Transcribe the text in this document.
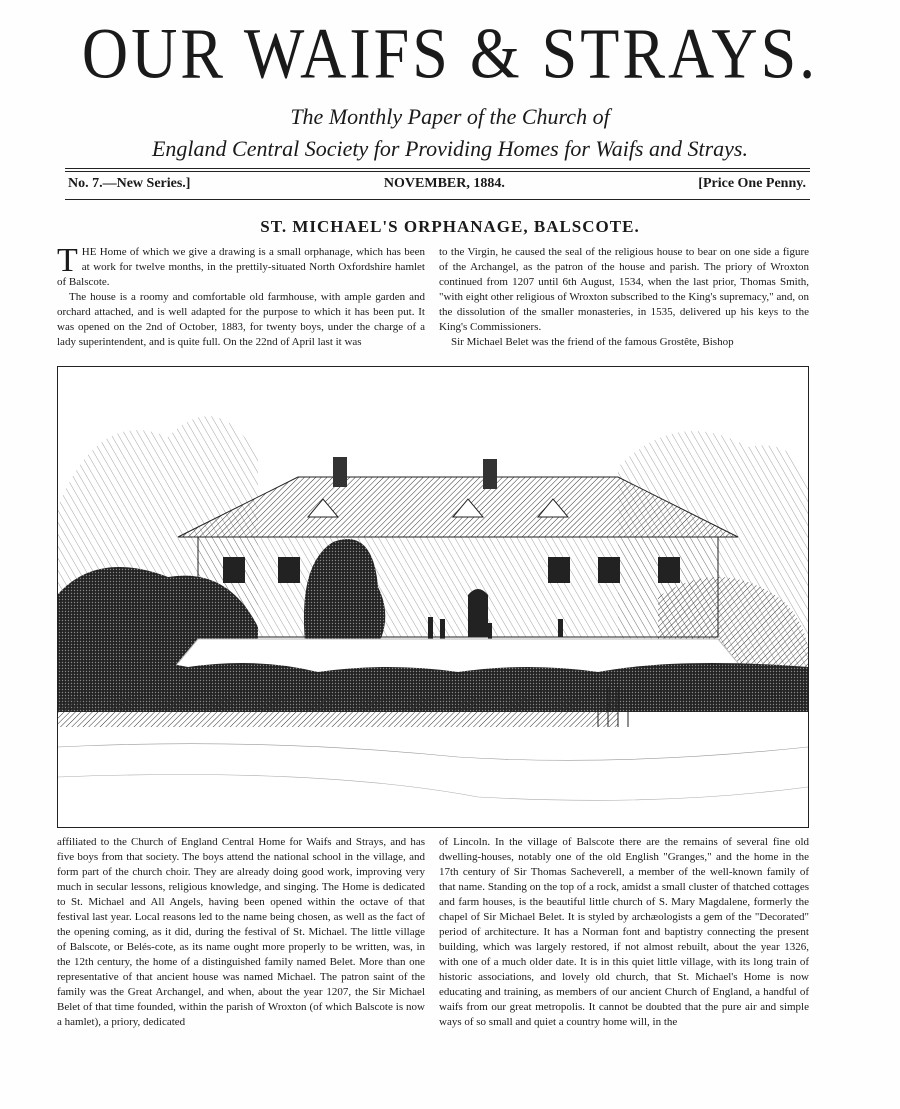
OUR WAIFS & STRAYS.
The Monthly Paper of the Church of
England Central Society for Providing Homes for Waifs and Strays.
No. 7.—New Series.]	NOVEMBER, 1884.	[Price One Penny.
ST. MICHAEL'S ORPHANAGE, BALSCOTE.

THE Home of which we give a drawing is a small orphanage, which has been at work for twelve months, in the prettily-situated North Oxfordshire hamlet of Balscote.

The house is a roomy and comfortable old farmhouse, with ample garden and orchard attached, and is well adapted for the purpose to which it has been put. It was opened on the 2nd of October, 1883, for twenty boys, under the charge of a lady superintendent, and is quite full. On the 22nd of April last it was

to the Virgin, he caused the seal of the religious house to bear on one side a figure of the Archangel, as the patron of the house and parish. The priory of Wroxton continued from 1207 until 6th August, 1534, when the last prior, Thomas Smith, "with eight other religious of Wroxton subscribed to the King's supremacy," and, on the dissolution of the smaller monasteries, in 1535, delivered up his keys to the King's Commissioners.

Sir Michael Belet was the friend of the famous Grostête, Bishop

affiliated to the Church of England Central Home for Waifs and Strays, and has five boys from that society. The boys attend the national school in the village, and form part of the church choir. They are already doing good work, improving very much in secular lessons, religious knowledge, and singing. The Home is dedicated to St. Michael and All Angels, having been opened within the octave of that festival last year. Local reasons led to the name being chosen, as well as the fact of the opening coming, as it did, during the festival of St. Michael. The little village of Balscote, or Belés-cote, as its name ought more properly to be written, was, in the 12th century, the home of a distinguished family named Belet. More than one representative of that ancient house was named Michael. The patron saint of the family was the Great Archangel, and when, about the year 1207, the Sir Michael Belet of that time founded, within the parish of Wroxton (of which Balscote is now a hamlet), a priory, dedicated

of Lincoln. In the village of Balscote there are the remains of several fine old dwelling-houses, notably one of the old English "Granges," and the home in the 17th century of Sir Thomas Sacheverell, a member of the well-known family of that name. Standing on the top of a rock, amidst a small cluster of thatched cottages and farm houses, is the beautiful little church of S. Mary Magdalene, formerly the chapel of Sir Michael Belet. It is styled by archæologists a gem of the "Decorated" period of architecture. It has a Norman font and baptistry connecting the present building, which was largely restored, if not almost rebuilt, about the year 1326, with one of a much older date. It is in this quiet little village, with its long train of historic associations, and lovely old church, that St. Michael's Home is now educating and training, as members of our ancient Church of England, a handful of waifs from our great metropolis. It cannot be doubted that the pure air and simple ways of so small and quiet a country home will, in the
